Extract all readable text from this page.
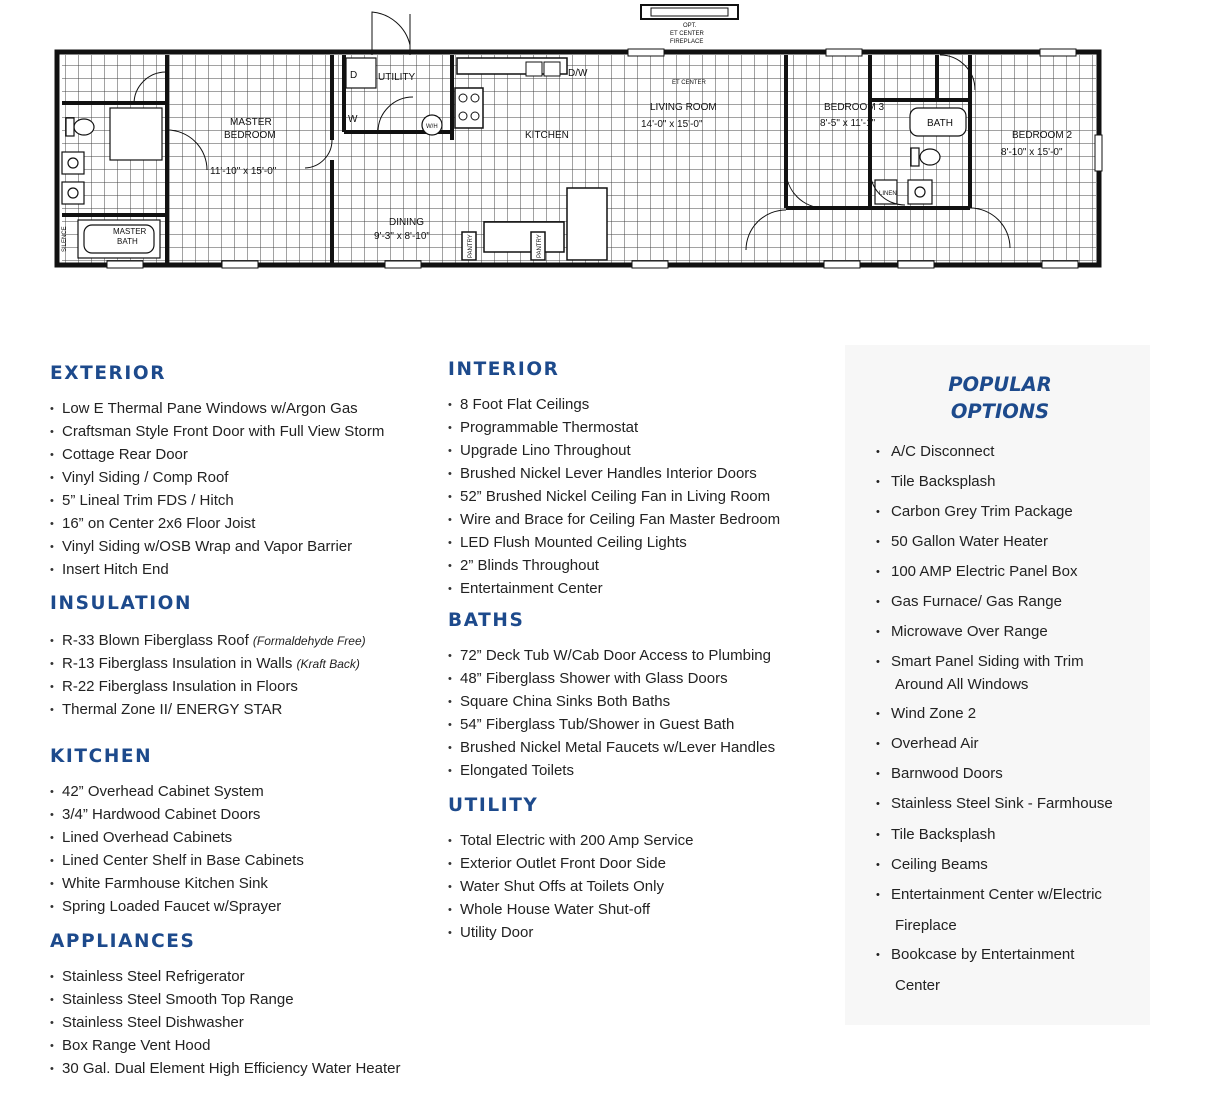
OPT.
ET CENTER
FIREPLACE
MASTER
BEDROOM
11'-10" x 15'-0"
MASTER
BATH
SILENCE
UTILITY
D
W
W/H
DINING
9'-3" x 8'-10"
KITCHEN
D/W
PANTRY	PANTRY
ET CENTER
LIVING ROOM
14'-0" x 15'-0"
BEDROOM 3
8'-5" x 11'-1"	BATH
LINEN
BEDROOM 2
8'-10" x 15'-0"
EXTERIOR
• Low E Thermal Pane Windows w/Argon Gas
• Craftsman Style Front Door with Full View Storm
• Cottage Rear Door
• Vinyl Siding / Comp Roof
• 5” Lineal Trim FDS / Hitch
• 16” on Center 2x6 Floor Joist
• Vinyl Siding w/OSB Wrap and Vapor Barrier
• Insert Hitch End
INSULATION
• R-33 Blown Fiberglass Roof (Formaldehyde Free)
• R-13 Fiberglass Insulation in Walls (Kraft Back)
• R-22 Fiberglass Insulation in Floors
• Thermal Zone II/ ENERGY STAR
KITCHEN
• 42” Overhead Cabinet System
• 3/4” Hardwood Cabinet Doors
• Lined Overhead Cabinets
• Lined Center Shelf in Base Cabinets
• White Farmhouse Kitchen Sink
• Spring Loaded Faucet w/Sprayer
APPLIANCES
• Stainless Steel Refrigerator
• Stainless Steel Smooth Top Range
• Stainless Steel Dishwasher
• Box Range Vent Hood
• 30 Gal. Dual Element High Efficiency Water Heater
INTERIOR
• 8 Foot Flat Ceilings
• Programmable Thermostat
• Upgrade Lino Throughout
• Brushed Nickel Lever Handles Interior Doors
• 52” Brushed Nickel Ceiling Fan in Living Room
• Wire and Brace for Ceiling Fan Master Bedroom
• LED Flush Mounted Ceiling Lights
• 2” Blinds Throughout
• Entertainment Center
BATHS
• 72” Deck Tub W/Cab Door Access to Plumbing
• 48” Fiberglass Shower with Glass Doors
• Square China Sinks Both Baths
• 54” Fiberglass Tub/Shower in Guest Bath
• Brushed Nickel Metal Faucets w/Lever Handles
• Elongated Toilets
UTILITY
• Total Electric with 200 Amp Service
• Exterior Outlet Front Door Side
• Water Shut Offs at Toilets Only
• Whole House Water Shut-off
• Utility Door
POPULAR
OPTIONS
• A/C Disconnect
• Tile Backsplash
• Carbon Grey Trim Package
• 50 Gallon Water Heater
• 100 AMP Electric Panel Box
• Gas Furnace/ Gas Range
• Microwave Over Range
• Smart Panel Siding with Trim
Around All Windows
• Wind Zone 2
• Overhead Air
• Barnwood Doors
• Stainless Steel Sink - Farmhouse
• Tile Backsplash
• Ceiling Beams
• Entertainment Center w/Electric
Fireplace
• Bookcase by Entertainment
Center
